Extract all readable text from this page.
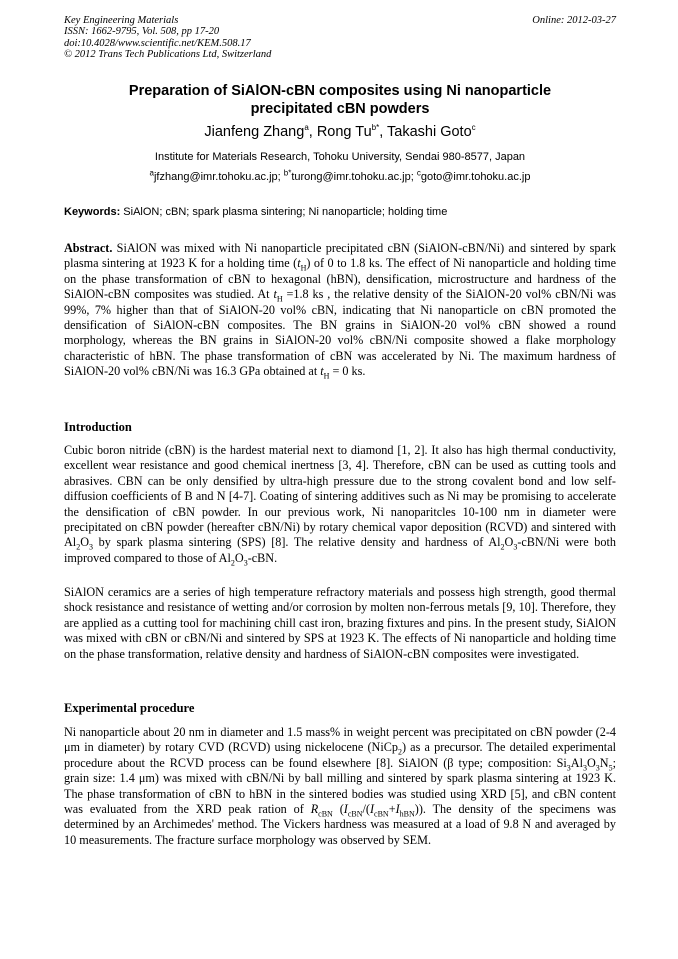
Key Engineering Materials
ISSN: 1662-9795, Vol. 508, pp 17-20
doi:10.4028/www.scientific.net/KEM.508.17
© 2012 Trans Tech Publications Ltd, Switzerland
Online: 2012-03-27
Preparation of SiAlON-cBN composites using Ni nanoparticle
precipitated cBN powders
Jianfeng Zhang$^a$, Rong $Tu^{b*}$, Takashi Goto$^c$
Institute for Materials Research, Tohoku University, Sendai 980-8577, Japan
$^a$jfzhang@imr.tohoku.ac.jp; $^{b*}$turong@imr.tohoku.ac.jp; $^c$goto@imr.tohoku.ac.jp
Keywords: SiAlON; cBN; spark plasma sintering; Ni nanoparticle; holding time

Abstract. SiAlON was mixed with Ni nanoparticle precipitated cBN (SiAlON-cBN/Ni) and sintered by spark plasma sintering at 1923 K for a holding time $(t_H)$ of 0 to 1.8 ks. The effect of Ni nanoparticle and holding time on the phase transformation of cBN to hexagonal (hBN), densification, microstructure and hardness of the SiAlON-cBN composites was studied. At $t_H =1.8$ ks , the relative density of the SiAlON-20 vol% cBN/Ni was 99%, 7% higher than that of SiAlON-20 vol% cBN, indicating that Ni nanoparticle on cBN promoted the densification of SiAlON-cBN composites. The BN grains in SiAlON-20 vol% cBN showed a round morphology, whereas the BN grains in SiAlON-20 vol% cBN/Ni composite showed a flake morphology characteristic of hBN. The phase transformation of cBN was accelerated by Ni. The maximum hardness of SiAlON-20 vol% cBN/Ni was 16.3 GPa obtained at $t_H = 0$ ks.

Introduction

Cubic boron nitride (cBN) is the hardest material next to diamond [1, 2]. It also has high thermal conductivity, excellent wear resistance and good chemical inertness [3, 4]. Therefore, cBN can be used as cutting tools and abrasives. CBN can be only densified by ultra-high pressure due to the strong covalent bond and low self-diffusion coefficients of B and N [4-7]. Coating of sintering additives such as Ni may be promising to accelerate the densification of cBN powder. In our previous work, Ni nanoparitcles 10-100 nm in diameter were precipitated on cBN powder (hereafter cBN/Ni) by rotary chemical vapor deposition (RCVD) and sintered with $Al_2O_3$ by spark plasma sintering (SPS) [8]. The relative density and hardness of $Al_2O_3-cBN/Ni$ were both improved compared to those of $Al_2O_3$-cBN.

SiAlON ceramics are a series of high temperature refractory materials and possess high strength, good thermal shock resistance and resistance of wetting and/or corrosion by molten non-ferrous metals [9, 10]. Therefore, they are applied as a cutting tool for machining chill cast iron, brazing fixtures and pins. In the present study, SiAlON was mixed with cBN or cBN/Ni and sintered by SPS at 1923 K. The effects of Ni nanoparticle and holding time on the phase transformation, relative density and hardness of SiAlON-cBN composites were investigated.

Experimental procedure

Ni nanoparticle about 20 nm in diameter and 1.5 mass% in weight percent was precipitated on cBN powder (2-4 μm in diameter) by rotary CVD (RCVD) using nickelocene (NiCp$_2$) as a precursor. The detailed experimental procedure about the RCVD process can be found elsewhere [8]. SiAlON (β type; composition: $Si_3Al_3O_3N_5$; grain size: 1.4 μm) was mixed with cBN/Ni by ball milling and sintered by spark plasma sintering at 1923 K. The phase transformation of cBN to hBN in the sintered bodies was studied using XRD [5], and cBN content was evaluated from the XRD peak ration of $R_{cBN}$ $(I_{cBN}/(I_{cBN}+I_{hBN}))$. The density of the specimens was determined by an Archimedes' method. The Vickers hardness was measured at a load of 9.8 N and averaged by 10 measurements. The fracture surface morphology was observed by SEM.
